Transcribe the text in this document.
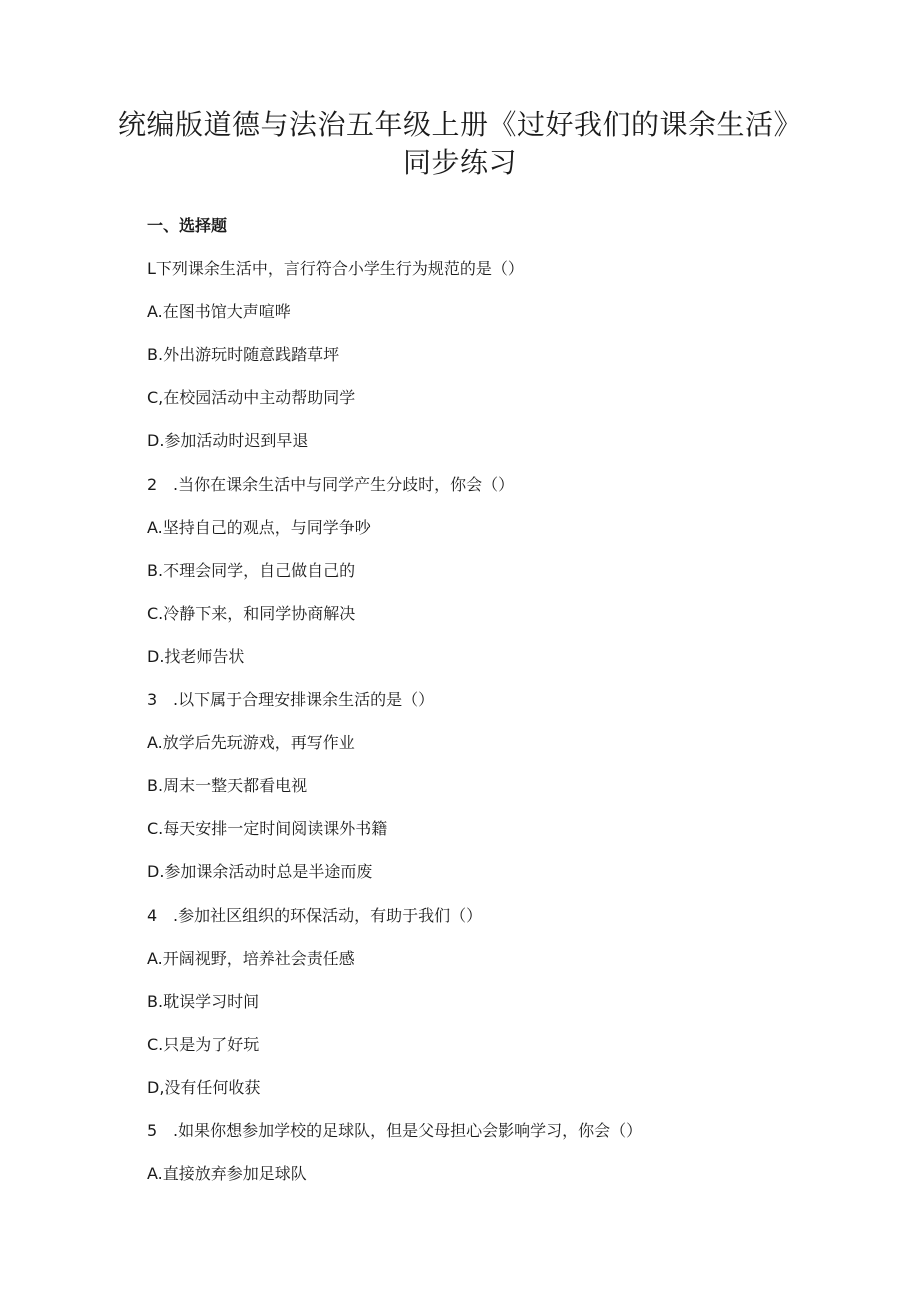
统编版道德与法治五年级上册《过好我们的课余生活》同步练习
一、选择题
L下列课余生活中，言行符合小学生行为规范的是（）
A.在图书馆大声喧哗
B.外出游玩时随意践踏草坪
C,在校园活动中主动帮助同学
D.参加活动时迟到早退
2 .当你在课余生活中与同学产生分歧时，你会（）
A.坚持自己的观点，与同学争吵
B.不理会同学，自己做自己的
C.冷静下来，和同学协商解决
D.找老师告状
3 .以下属于合理安排课余生活的是（）
A.放学后先玩游戏，再写作业
B.周末一整天都看电视
C.每天安排一定时间阅读课外书籍
D.参加课余活动时总是半途而废
4 .参加社区组织的环保活动，有助于我们（）
A.开阔视野，培养社会责任感
B.耽误学习时间
C.只是为了好玩
D,没有任何收获
5 .如果你想参加学校的足球队，但是父母担心会影响学习，你会（）
A.直接放弃参加足球队
